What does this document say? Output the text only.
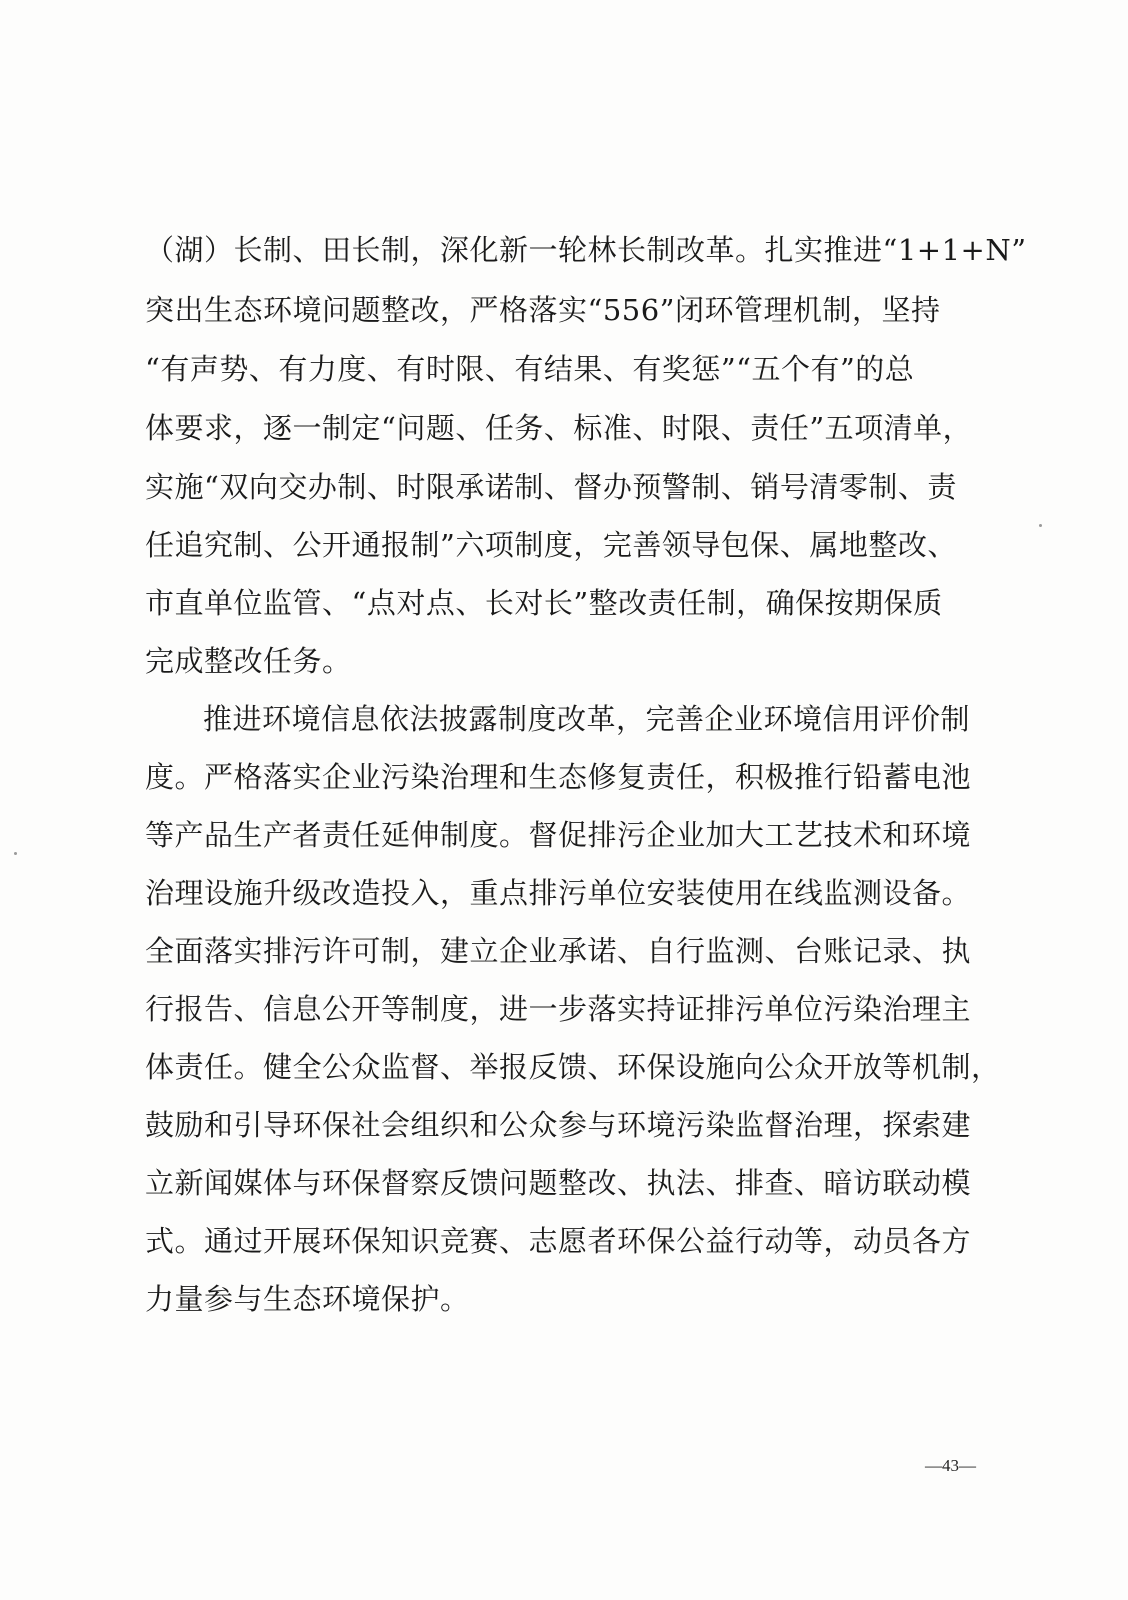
（湖）长制、田长制，深化新一轮林长制改革。扎实推进“1+1+N”
突出生态环境问题整改，严格落实“556”闭环管理机制，坚持
“有声势、有力度、有时限、有结果、有奖惩”“五个有”的总
体要求，逐一制定“问题、任务、标准、时限、责任”五项清单，
实施“双向交办制、时限承诺制、督办预警制、销号清零制、责
任追究制、公开通报制”六项制度，完善领导包保、属地整改、
市直单位监管、“点对点、长对长”整改责任制，确保按期保质
完成整改任务。
推进环境信息依法披露制度改革，完善企业环境信用评价制
度。严格落实企业污染治理和生态修复责任，积极推行铅蓄电池
等产品生产者责任延伸制度。督促排污企业加大工艺技术和环境
治理设施升级改造投入，重点排污单位安装使用在线监测设备。
全面落实排污许可制，建立企业承诺、自行监测、台账记录、执
行报告、信息公开等制度，进一步落实持证排污单位污染治理主
体责任。健全公众监督、举报反馈、环保设施向公众开放等机制，
鼓励和引导环保社会组织和公众参与环境污染监督治理，探索建
立新闻媒体与环保督察反馈问题整改、执法、排查、暗访联动模
式。通过开展环保知识竞赛、志愿者环保公益行动等，动员各方
力量参与生态环境保护。
—43—
